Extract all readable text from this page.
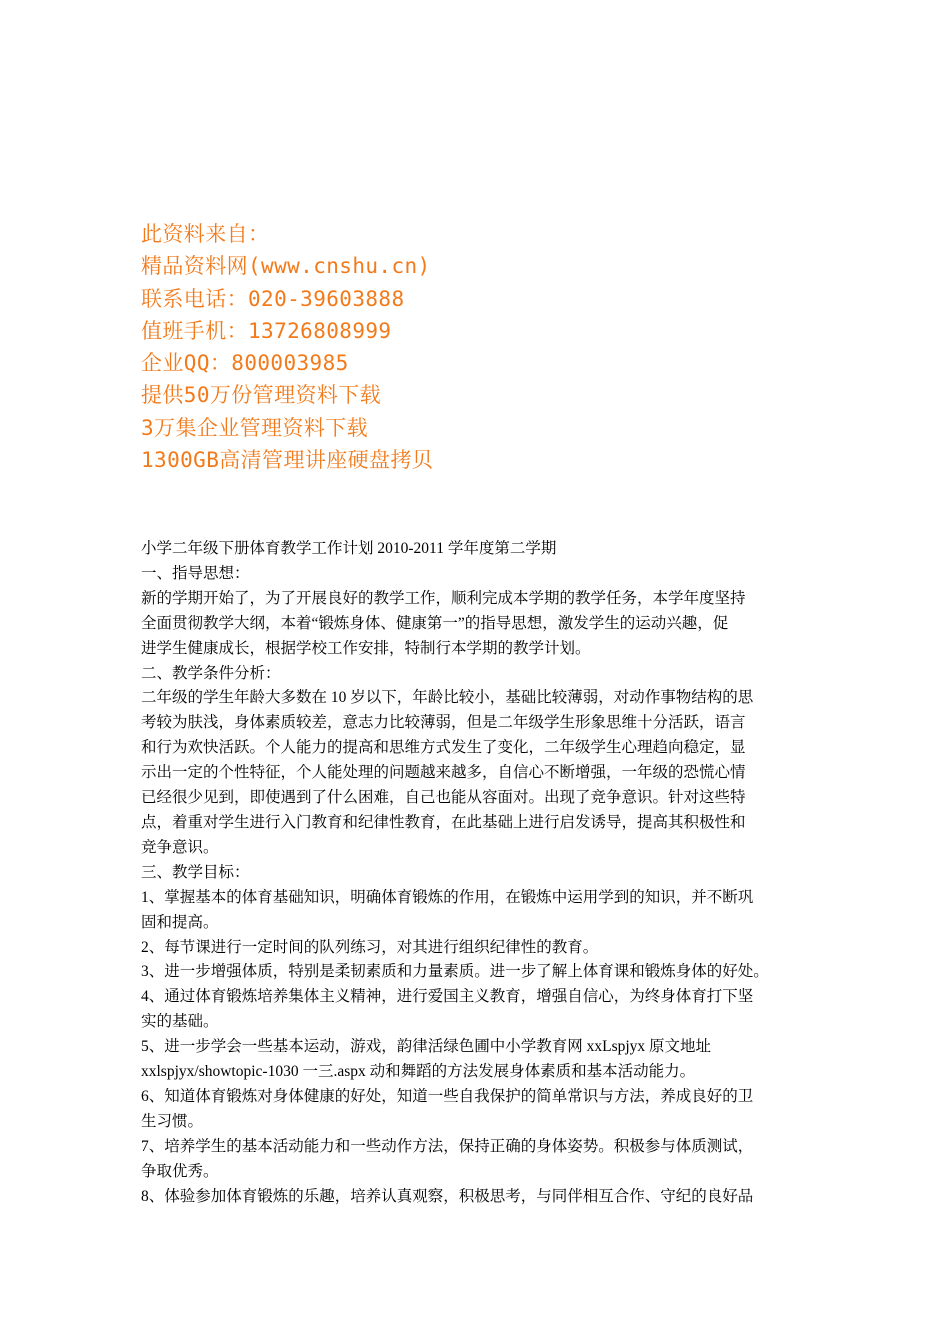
此资料来自：
精品资料网(www.cnshu.cn)
联系电话：020-39603888
值班手机：13726808999
企业QQ：800003985
提供50万份管理资料下载
3万集企业管理资料下载
1300GB高清管理讲座硬盘拷贝
小学二年级下册体育教学工作计划 2010-2011 学年度第二学期
一、指导思想：
新的学期开始了，为了开展良好的教学工作，顺利完成本学期的教学任务，本学年度坚持
全面贯彻教学大纲，本着“锻炼身体、健康第一”的指导思想，激发学生的运动兴趣，促
进学生健康成长，根据学校工作安排，特制行本学期的教学计划。
二、教学条件分析：
二年级的学生年龄大多数在 10 岁以下，年龄比较小，基础比较薄弱，对动作事物结构的思
考较为肤浅，身体素质较差，意志力比较薄弱，但是二年级学生形象思维十分活跃，语言
和行为欢快活跃。个人能力的提高和思维方式发生了变化，二年级学生心理趋向稳定，显
示出一定的个性特征，个人能处理的问题越来越多，自信心不断增强，一年级的恐慌心情
已经很少见到，即使遇到了什么困难，自己也能从容面对。出现了竞争意识。针对这些特
点，着重对学生进行入门教育和纪律性教育，在此基础上进行启发诱导，提高其积极性和
竞争意识。
三、教学目标：
1、掌握基本的体育基础知识，明确体育锻炼的作用，在锻炼中运用学到的知识，并不断巩
固和提高。
2、每节课进行一定时间的队列练习，对其进行组织纪律性的教育。
3、进一步增强体质，特别是柔韧素质和力量素质。进一步了解上体育课和锻炼身体的好处。
4、通过体育锻炼培养集体主义精神，进行爱国主义教育，增强自信心，为终身体育打下坚
实的基础。
5、进一步学会一些基本运动，游戏，韵律活绿色圃中小学教育网 xxLspjyx 原文地址
xxlspjyx/showtopic-1030 一三.aspx 动和舞蹈的方法发展身体素质和基本活动能力。
6、知道体育锻炼对身体健康的好处，知道一些自我保护的简单常识与方法，养成良好的卫
生习惯。
7、培养学生的基本活动能力和一些动作方法，保持正确的身体姿势。积极参与体质测试，
争取优秀。
8、体验参加体育锻炼的乐趣，培养认真观察，积极思考，与同伴相互合作、守纪的良好品
